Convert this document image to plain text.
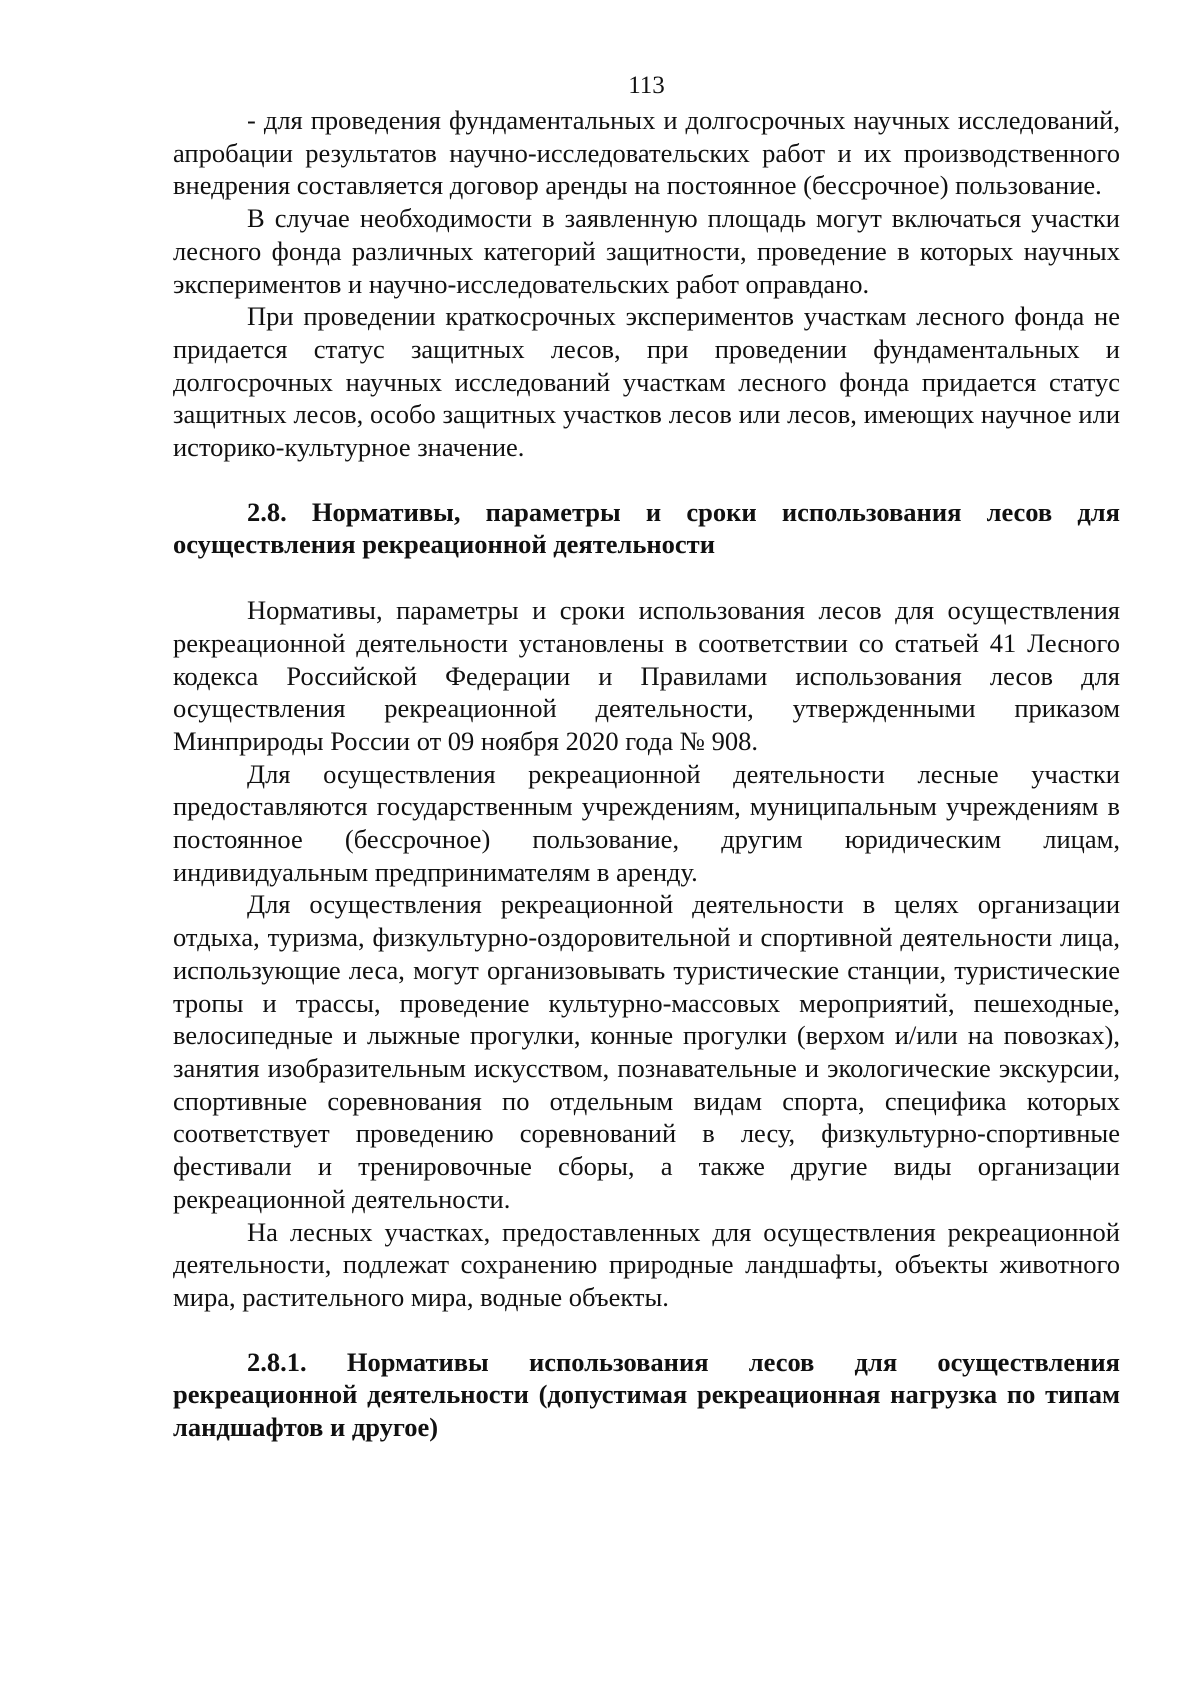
113

- для проведения фундаментальных и долгосрочных научных исследований, апробации результатов научно-исследовательских работ и их производственного внедрения составляется договор аренды на постоянное (бессрочное) пользование.

В случае необходимости в заявленную площадь могут включаться участки лесного фонда различных категорий защитности, проведение в которых научных экспериментов и научно-исследовательских работ оправдано.

При проведении краткосрочных экспериментов участкам лесного фонда не придается статус защитных лесов, при проведении фундаментальных и долгосрочных научных исследований участкам лесного фонда придается статус защитных лесов, особо защитных участков лесов или лесов, имеющих научное или историко-культурное значение.

2.8. Нормативы, параметры и сроки использования лесов для осуществления рекреационной деятельности

Нормативы, параметры и сроки использования лесов для осуществления рекреационной деятельности установлены в соответствии со статьей 41 Лесного кодекса Российской Федерации и Правилами использования лесов для осуществления рекреационной деятельности, утвержденными приказом Минприроды России от 09 ноября 2020 года № 908.

Для осуществления рекреационной деятельности лесные участки предоставляются государственным учреждениям, муниципальным учреждениям в постоянное (бессрочное) пользование, другим юридическим лицам, индивидуальным предпринимателям в аренду.

Для осуществления рекреационной деятельности в целях организации отдыха, туризма, физкультурно-оздоровительной и спортивной деятельности лица, использующие леса, могут организовывать туристические станции, туристические тропы и трассы, проведение культурно-массовых мероприятий, пешеходные, велосипедные и лыжные прогулки, конные прогулки (верхом и/или на повозках), занятия изобразительным искусством, познавательные и экологические экскурсии, спортивные соревнования по отдельным видам спорта, специфика которых соответствует проведению соревнований в лесу, физкультурно-спортивные фестивали и тренировочные сборы, а также другие виды организации рекреационной деятельности.

На лесных участках, предоставленных для осуществления рекреационной деятельности, подлежат сохранению природные ландшафты, объекты животного мира, растительного мира, водные объекты.

2.8.1. Нормативы использования лесов для осуществления рекреационной деятельности (допустимая рекреационная нагрузка по типам ландшафтов и другое)
